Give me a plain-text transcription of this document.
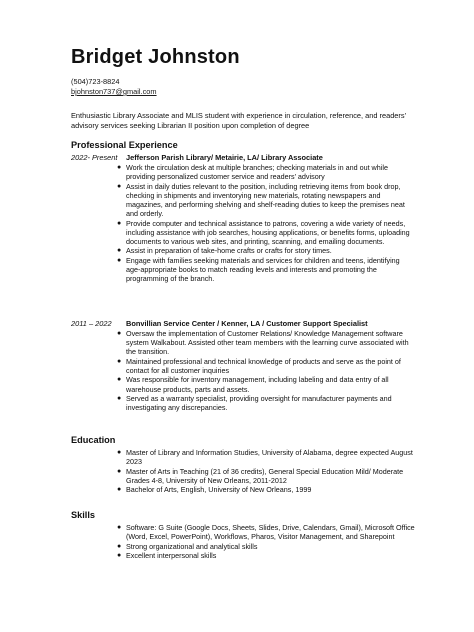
Bridget Johnston
(504)723-8824
bjohnston737@gmail.com
Enthusiastic Library Associate and MLIS student with experience in circulation, reference, and readers’ advisory services seeking Librarian II position upon completion of degree
Professional Experience
2022- Present Jefferson Parish Library/ Metairie, LA/ Library Associate
● Work the circulation desk at multiple branches; checking materials in and out while providing personalized customer service and readers’ advisory
● Assist in daily duties relevant to the position, including retrieving items from book drop, checking in shipments and inventorying new materials, rotating newspapers and magazines, and performing shelving and shelf-reading duties to keep the premises neat and orderly.
● Provide computer and technical assistance to patrons, covering a wide variety of needs, including assistance with job searches, housing applications, or benefits forms, uploading documents to various web sites, and printing, scanning, and emailing documents.
● Assist in preparation of take-home crafts or crafts for story times.
● Engage with families seeking materials and services for children and teens, identifying age-appropriate books to match reading levels and interests and promoting the programming of the branch.
2011 – 2022 Bonvillian Service Center / Kenner, LA / Customer Support Specialist
● Oversaw the implementation of Customer Relations/ Knowledge Management software system Walkabout. Assisted other team members with the learning curve associated with the transition.
● Maintained professional and technical knowledge of products and serve as the point of contact for all customer inquiries
● Was responsible for inventory management, including labeling and data entry of all warehouse products, parts and assets.
● Served as a warranty specialist, providing oversight for manufacturer payments and investigating any discrepancies.
Education
● Master of Library and Information Studies, University of Alabama, degree expected August 2023
● Master of Arts in Teaching (21 of 36 credits), General Special Education Mild/ Moderate Grades 4-8, University of New Orleans, 2011-2012
● Bachelor of Arts, English, University of New Orleans, 1999
Skills
● Software: G Suite (Google Docs, Sheets, Slides, Drive, Calendars, Gmail), Microsoft Office (Word, Excel, PowerPoint), Workflows, Pharos, Visitor Management, and Sharepoint
● Strong organizational and analytical skills
● Excellent interpersonal skills
